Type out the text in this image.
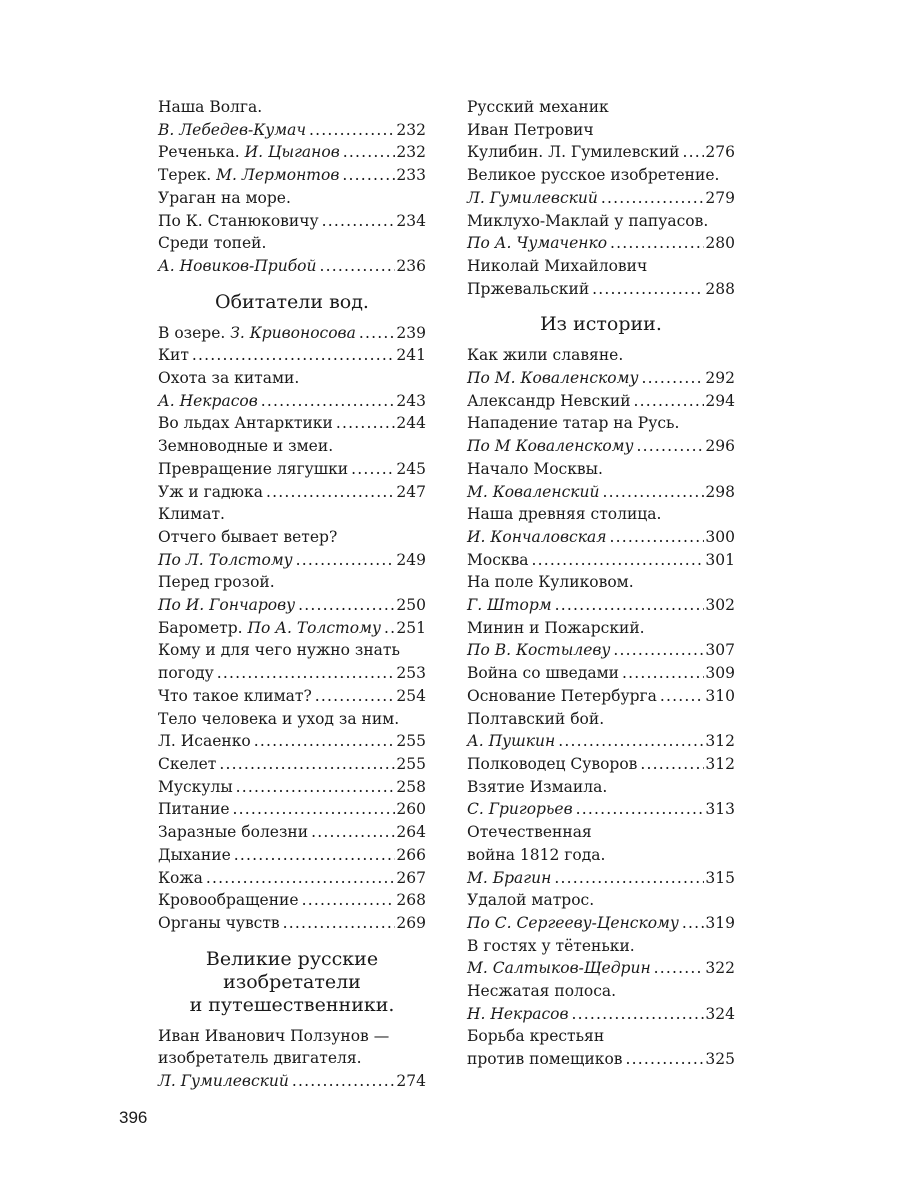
Наша Волга.
В. Лебедев-Кумач .....	232
Реченька. И. Цыганов .....	232
Терек. М. Лермонтов .....	233
Ураган на море.
По К. Станюковичу .....	234
Среди топей.
А. Новиков-Прибой .....	236
Обитатели вод.
В озере. З. Кривоносова .....	239
Кит .....	241
Охота за китами.
А. Некрасов .....	243
Во льдах Антарктики .....	244
Земноводные и змеи.
Превращение лягушки .....	245
Уж и гадюка .....	247
Климат.
Отчего бывает ветер?
По Л. Толстому .....	249
Перед грозой.
По И. Гончарову .....	250
Барометр. По А. Толстому ..... 251
Кому и для чего нужно знать
погоду .....	253
Что такое климат? .....	254
Тело человека и уход за ним.
Л. Исаенко .....	255
Скелет .....	255
Мускулы .....	258
Питание .....	260
Заразные болезни .....	264
Дыхание .....	266
Кожа .....	267
Кровообращение .....	268
Органы чувств .....	269
Великие русские
изобретатели
и путешественники.
Иван Иванович Ползунов —
изобретатель двигателя.
Л. Гумилевский .....	274
Русский механик
Иван Петрович
Кулибин. Л. Гумилевский ..... 276
Великое русское изобретение.
Л. Гумилевский .....	279
Миклухо-Маклай у папуасов.
По А. Чумаченко .....	280
Николай Михайлович
Пржевальский .....	288
Из истории.
Как жили славяне.
По М. Коваленскому .....	292
Александр Невский .....	294
Нападение татар на Русь.
По М Коваленскому .....	296
Начало Москвы.
М. Коваленский .....	298
Наша древняя столица.
И. Кончаловская .....	300
Москва .....	301
На поле Куликовом.
Г. Шторм .....	302
Минин и Пожарский.
По В. Костылеву .....	307
Война со шведами .....	309
Основание Петербурга .....	310
Полтавский бой.
А. Пушкин .....	312
Полководец Суворов .....	312
Взятие Измаила.
С. Григорьев .....	313
Отечественная
война 1812 года.
М. Брагин .....	315
Удалой матрос.
По С. Сергееву-Ценскому ..... 319
В гостях у тётеньки.
М. Салтыков-Щедрин .....	322
Несжатая полоса.
Н. Некрасов .....	324
Борьба крестьян
против помещиков .....	325
396
